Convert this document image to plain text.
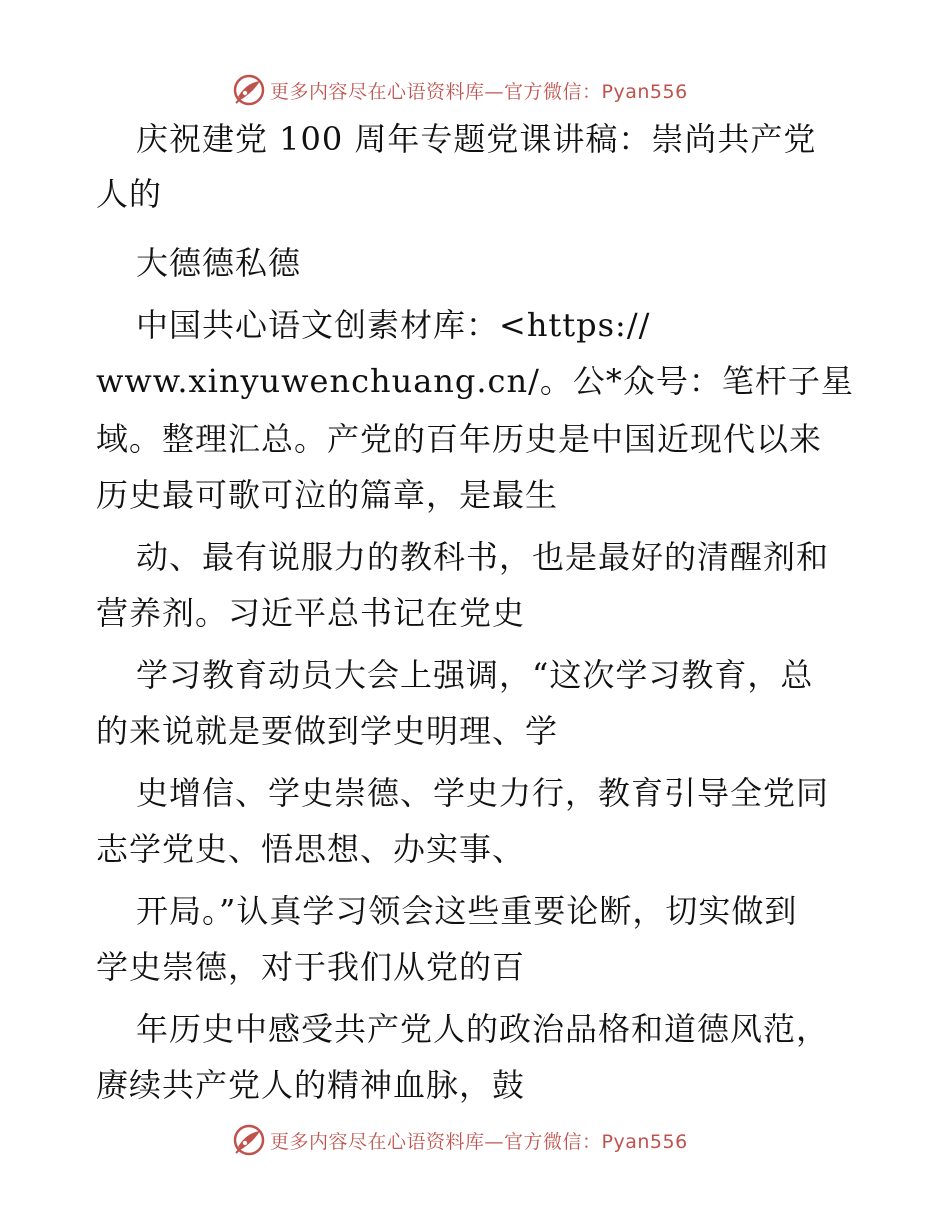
更多内容尽在心语资料库—官方微信：Pyan556
庆祝建党 100 周年专题党课讲稿：崇尚共产党
人的
大德德私德
中国共心语文创素材库：<https://
www.xinyuwenchuang.cn/。公*众号：笔杆子星
域。整理汇总。产党的百年历史是中国近现代以来
历史最可歌可泣的篇章，是最生
动、最有说服力的教科书，也是最好的清醒剂和
营养剂。习近平总书记在党史
学习教育动员大会上强调，“这次学习教育，总
的来说就是要做到学史明理、学
史增信、学史崇德、学史力行，教育引导全党同
志学党史、悟思想、办实事、
开局。”认真学习领会这些重要论断，切实做到
学史崇德，对于我们从党的百
年历史中感受共产党人的政治品格和道德风范，
赓续共产党人的精神血脉，鼓
更多内容尽在心语资料库—官方微信：Pyan556
